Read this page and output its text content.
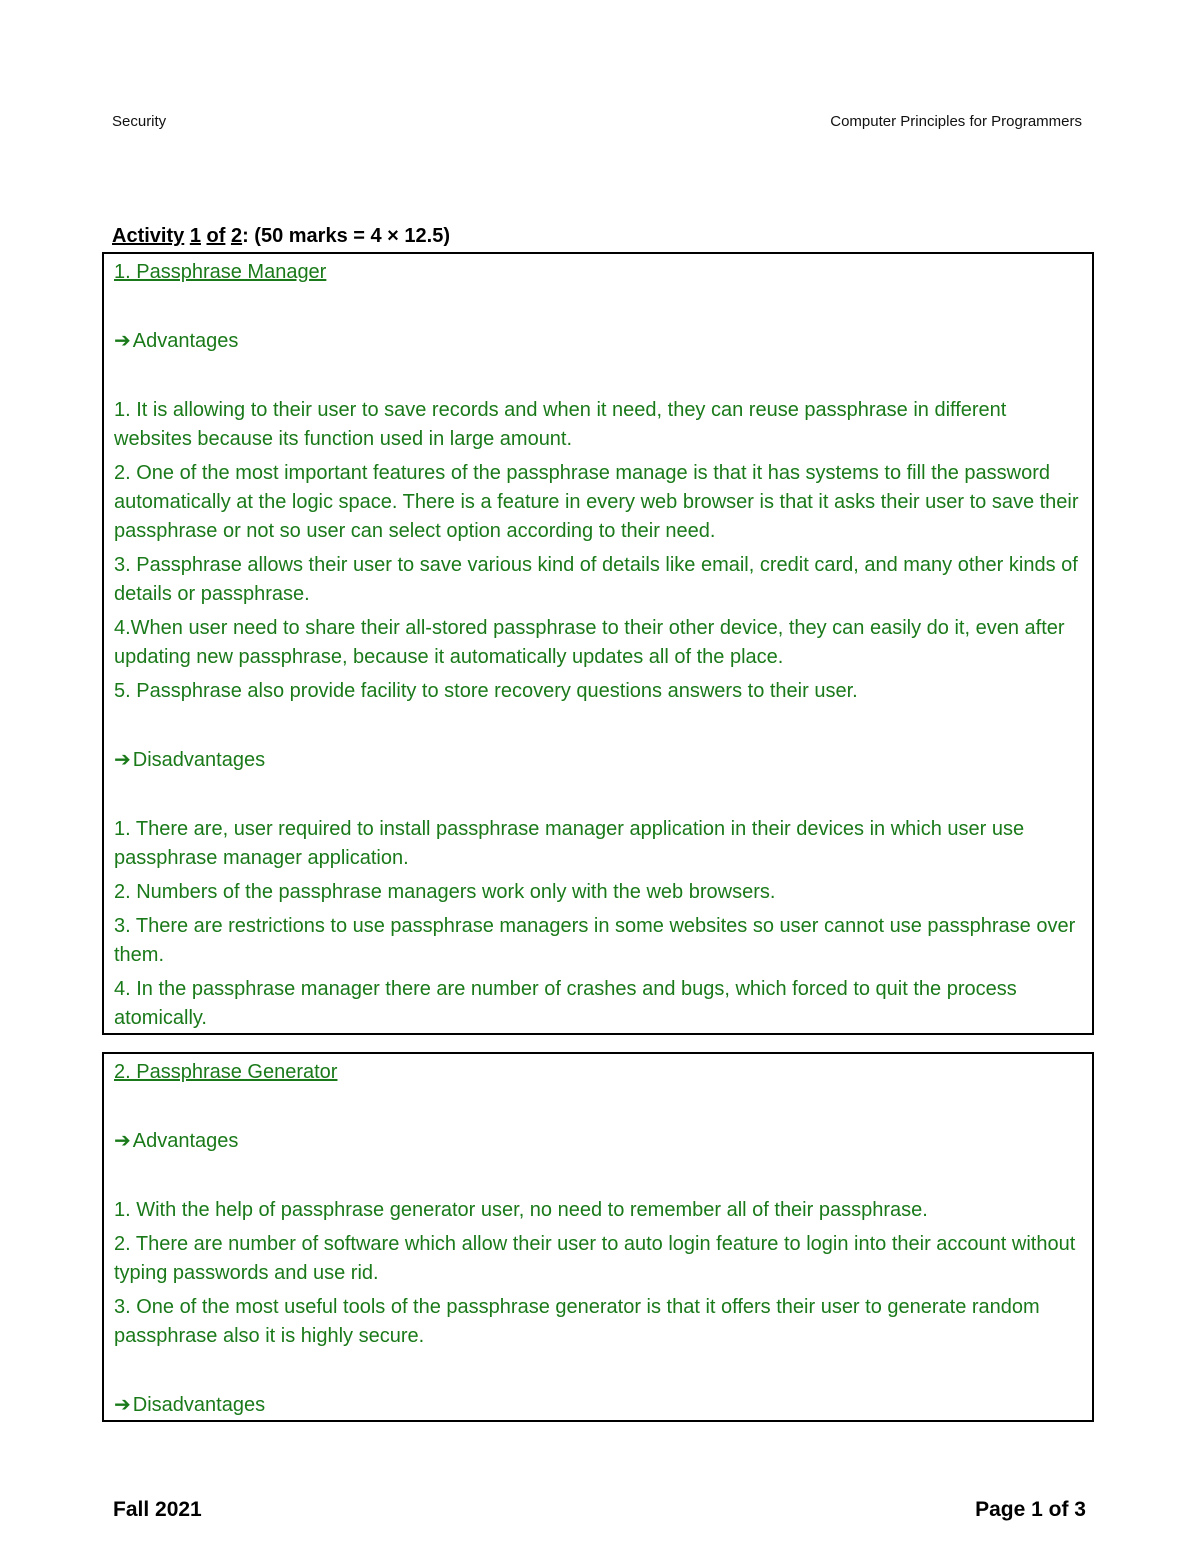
Security	Computer Principles for Programmers
Activity 1 of 2: (50 marks = 4 × 12.5)
1. Passphrase Manager
➔ Advantages
1. It is allowing to their user to save records and when it need, they can reuse passphrase in different websites because its function used in large amount.
2. One of the most important features of the passphrase manage is that it has systems to fill the password automatically at the logic space. There is a feature in every web browser is that it asks their user to save their passphrase or not so user can select option according to their need.
3. Passphrase allows their user to save various kind of details like email, credit card, and many other kinds of details or passphrase.
4.When user need to share their all-stored passphrase to their other device, they can easily do it, even after updating new passphrase, because it automatically updates all of the place.
5. Passphrase also provide facility to store recovery questions answers to their user.
➔ Disadvantages
1. There are, user required to install passphrase manager application in their devices in which user use passphrase manager application.
2. Numbers of the passphrase managers work only with the web browsers.
3. There are restrictions to use passphrase managers in some websites so user cannot use passphrase over them.
4. In the passphrase manager there are number of crashes and bugs, which forced to quit the process atomically.
2. Passphrase Generator
➔ Advantages
1. With the help of passphrase generator user, no need to remember all of their passphrase.
2. There are number of software which allow their user to auto login feature to login into their account without typing passwords and use rid.
3. One of the most useful tools of the passphrase generator is that it offers their user to generate random passphrase also it is highly secure.
➔ Disadvantages
Fall 2021	Page 1 of 3
